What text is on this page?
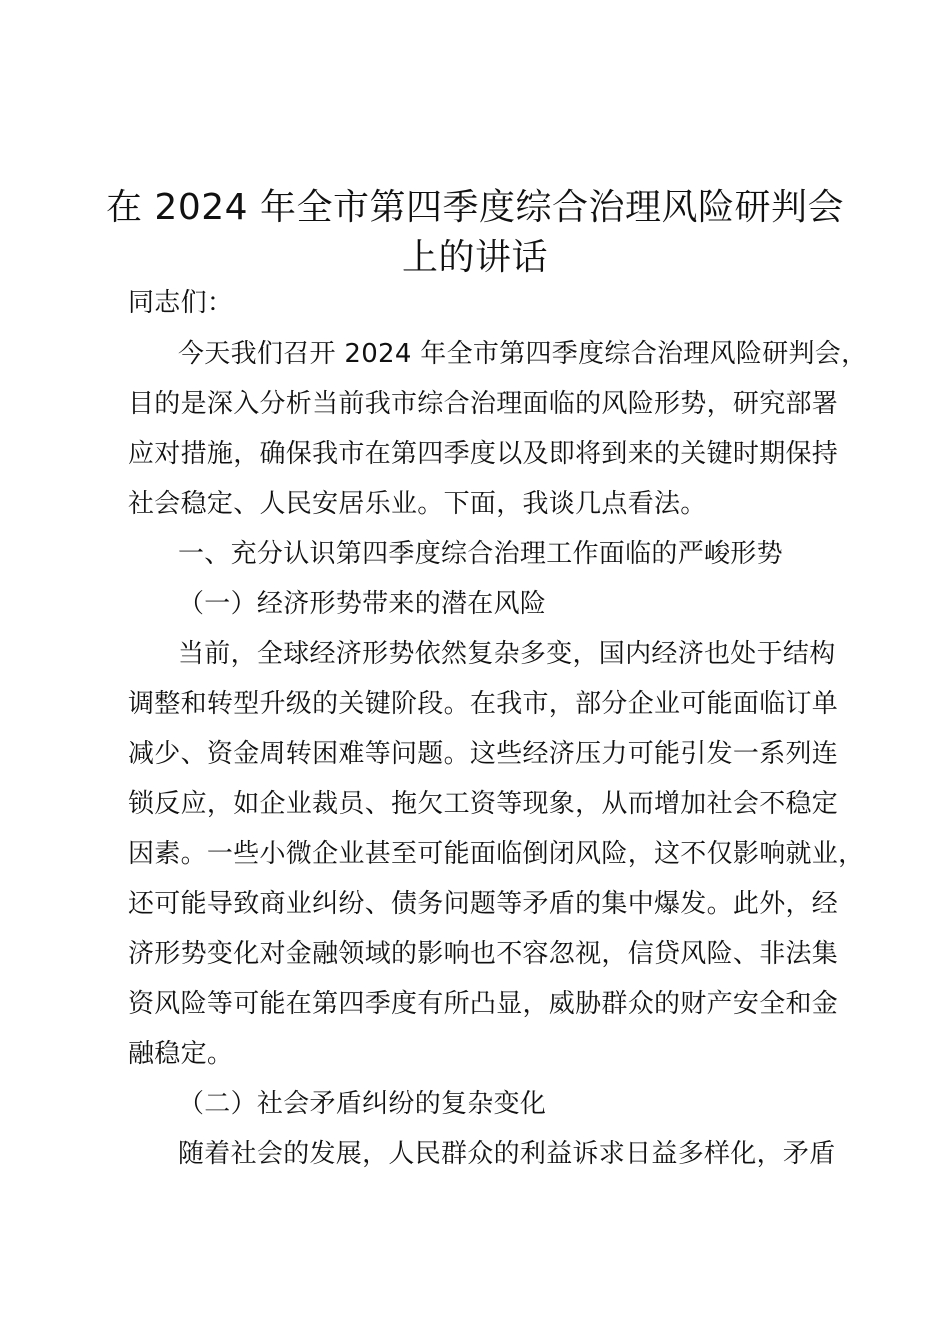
在 2024 年全市第四季度综合治理风险研判会
上的讲话
同志们：
今天我们召开 2024 年全市第四季度综合治理风险研判会，
目的是深入分析当前我市综合治理面临的风险形势，研究部署
应对措施，确保我市在第四季度以及即将到来的关键时期保持
社会稳定、人民安居乐业。下面，我谈几点看法。
一、充分认识第四季度综合治理工作面临的严峻形势
（一）经济形势带来的潜在风险
当前，全球经济形势依然复杂多变，国内经济也处于结构
调整和转型升级的关键阶段。在我市，部分企业可能面临订单
减少、资金周转困难等问题。这些经济压力可能引发一系列连
锁反应，如企业裁员、拖欠工资等现象，从而增加社会不稳定
因素。一些小微企业甚至可能面临倒闭风险，这不仅影响就业，
还可能导致商业纠纷、债务问题等矛盾的集中爆发。此外，经
济形势变化对金融领域的影响也不容忽视，信贷风险、非法集
资风险等可能在第四季度有所凸显，威胁群众的财产安全和金
融稳定。
（二）社会矛盾纠纷的复杂变化
随着社会的发展，人民群众的利益诉求日益多样化，矛盾
